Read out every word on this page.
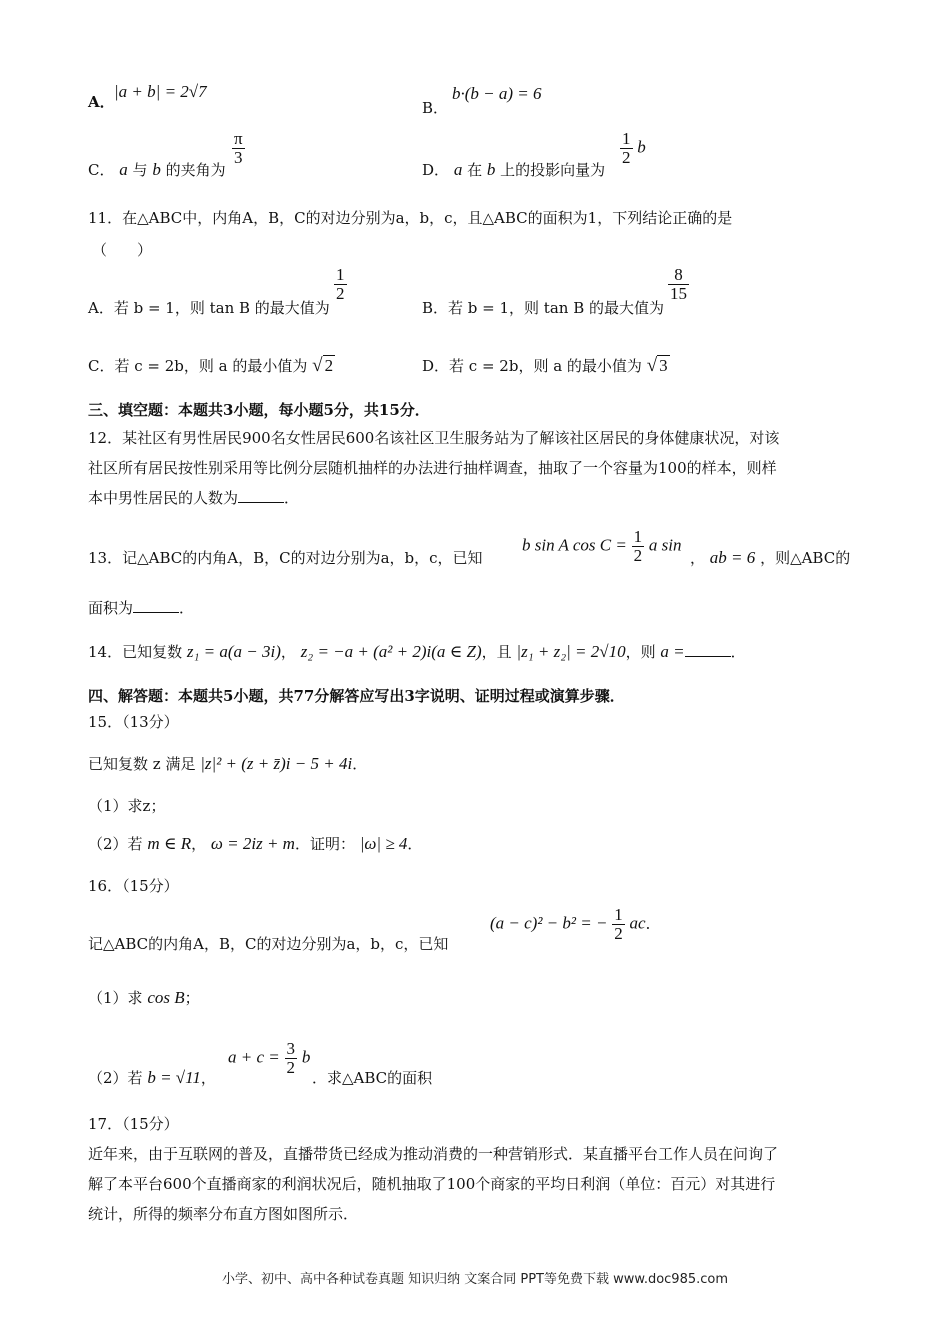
A．
|a + b| = 2√7
B．
b·(b − a) = 6
C． a 与 b 的夹角为
$\frac{\pi}{3}$
D． a 在 b 上的投影向量为
$\frac{1}{2}$ b
11．在△ABC中，内角A，B，C的对边分别为a，b，c，且△ABC的面积为1，下列结论正确的是
（　　）
A．若 b = 1，则 tan B 的最大值为
$\frac{1}{2}$
B．若 b = 1，则 tan B 的最大值为
$\frac{8}{15}$
C．若 c = 2b，则 a 的最小值为 √ 2	D．若 c = 2b，则 a 的最小值为 √ 3
三、填空题：本题共3小题，每小题5分，共15分．
12．某社区有男性居民900名女性居民600名该社区卫生服务站为了解该社区居民的身体健康状况，对该
社区所有居民按性别采用等比例分层随机抽样的办法进行抽样调查，抽取了一个容量为100的样本，则样
本中男性居民的人数为	．
13．记△ABC的内角A，B，C的对边分别为a，b，c，已知
b sin A $\cos C = \frac{1}{2}$ a sin
， ab = 6 ，则△ABC的
面积为	．
14．已知复数 z₁ = a(a − 3i)， z₂ = −a + (a² + 2)i(a ∈ Z)，且 |z₁ + z₂| = 2√10，则 a =	．
四、解答题：本题共5小题，共77分解答应写出3字说明、证明过程或演算步骤．
15．（13分）
已知复数 z 满足 |z|² + (z + z̄)i − 5 + 4i．
（1）求z；
（2）若 m ∈ R， ω = 2iz + m．证明： |ω| ≥ 4．
16．（15分）
记△ABC的内角A，B，C的对边分别为a，b，c，已知
(a − c)² − b² = − $\frac{1}{2}$ ac．
（1）求 cos B；
（2）若 b = √11，
$a + c = \frac{3}{2}$ b
．求△ABC的面积
17．（15分）
近年来，由于互联网的普及，直播带货已经成为推动消费的一种营销形式．某直播平台工作人员在问询了
解了本平台600个直播商家的利润状况后，随机抽取了100个商家的平均日利润（单位：百元）对其进行
统计，所得的频率分布直方图如图所示．
小学、初中、高中各种试卷真题 知识归纳 文案合同 PPT等免费下载 www.doc985.com
